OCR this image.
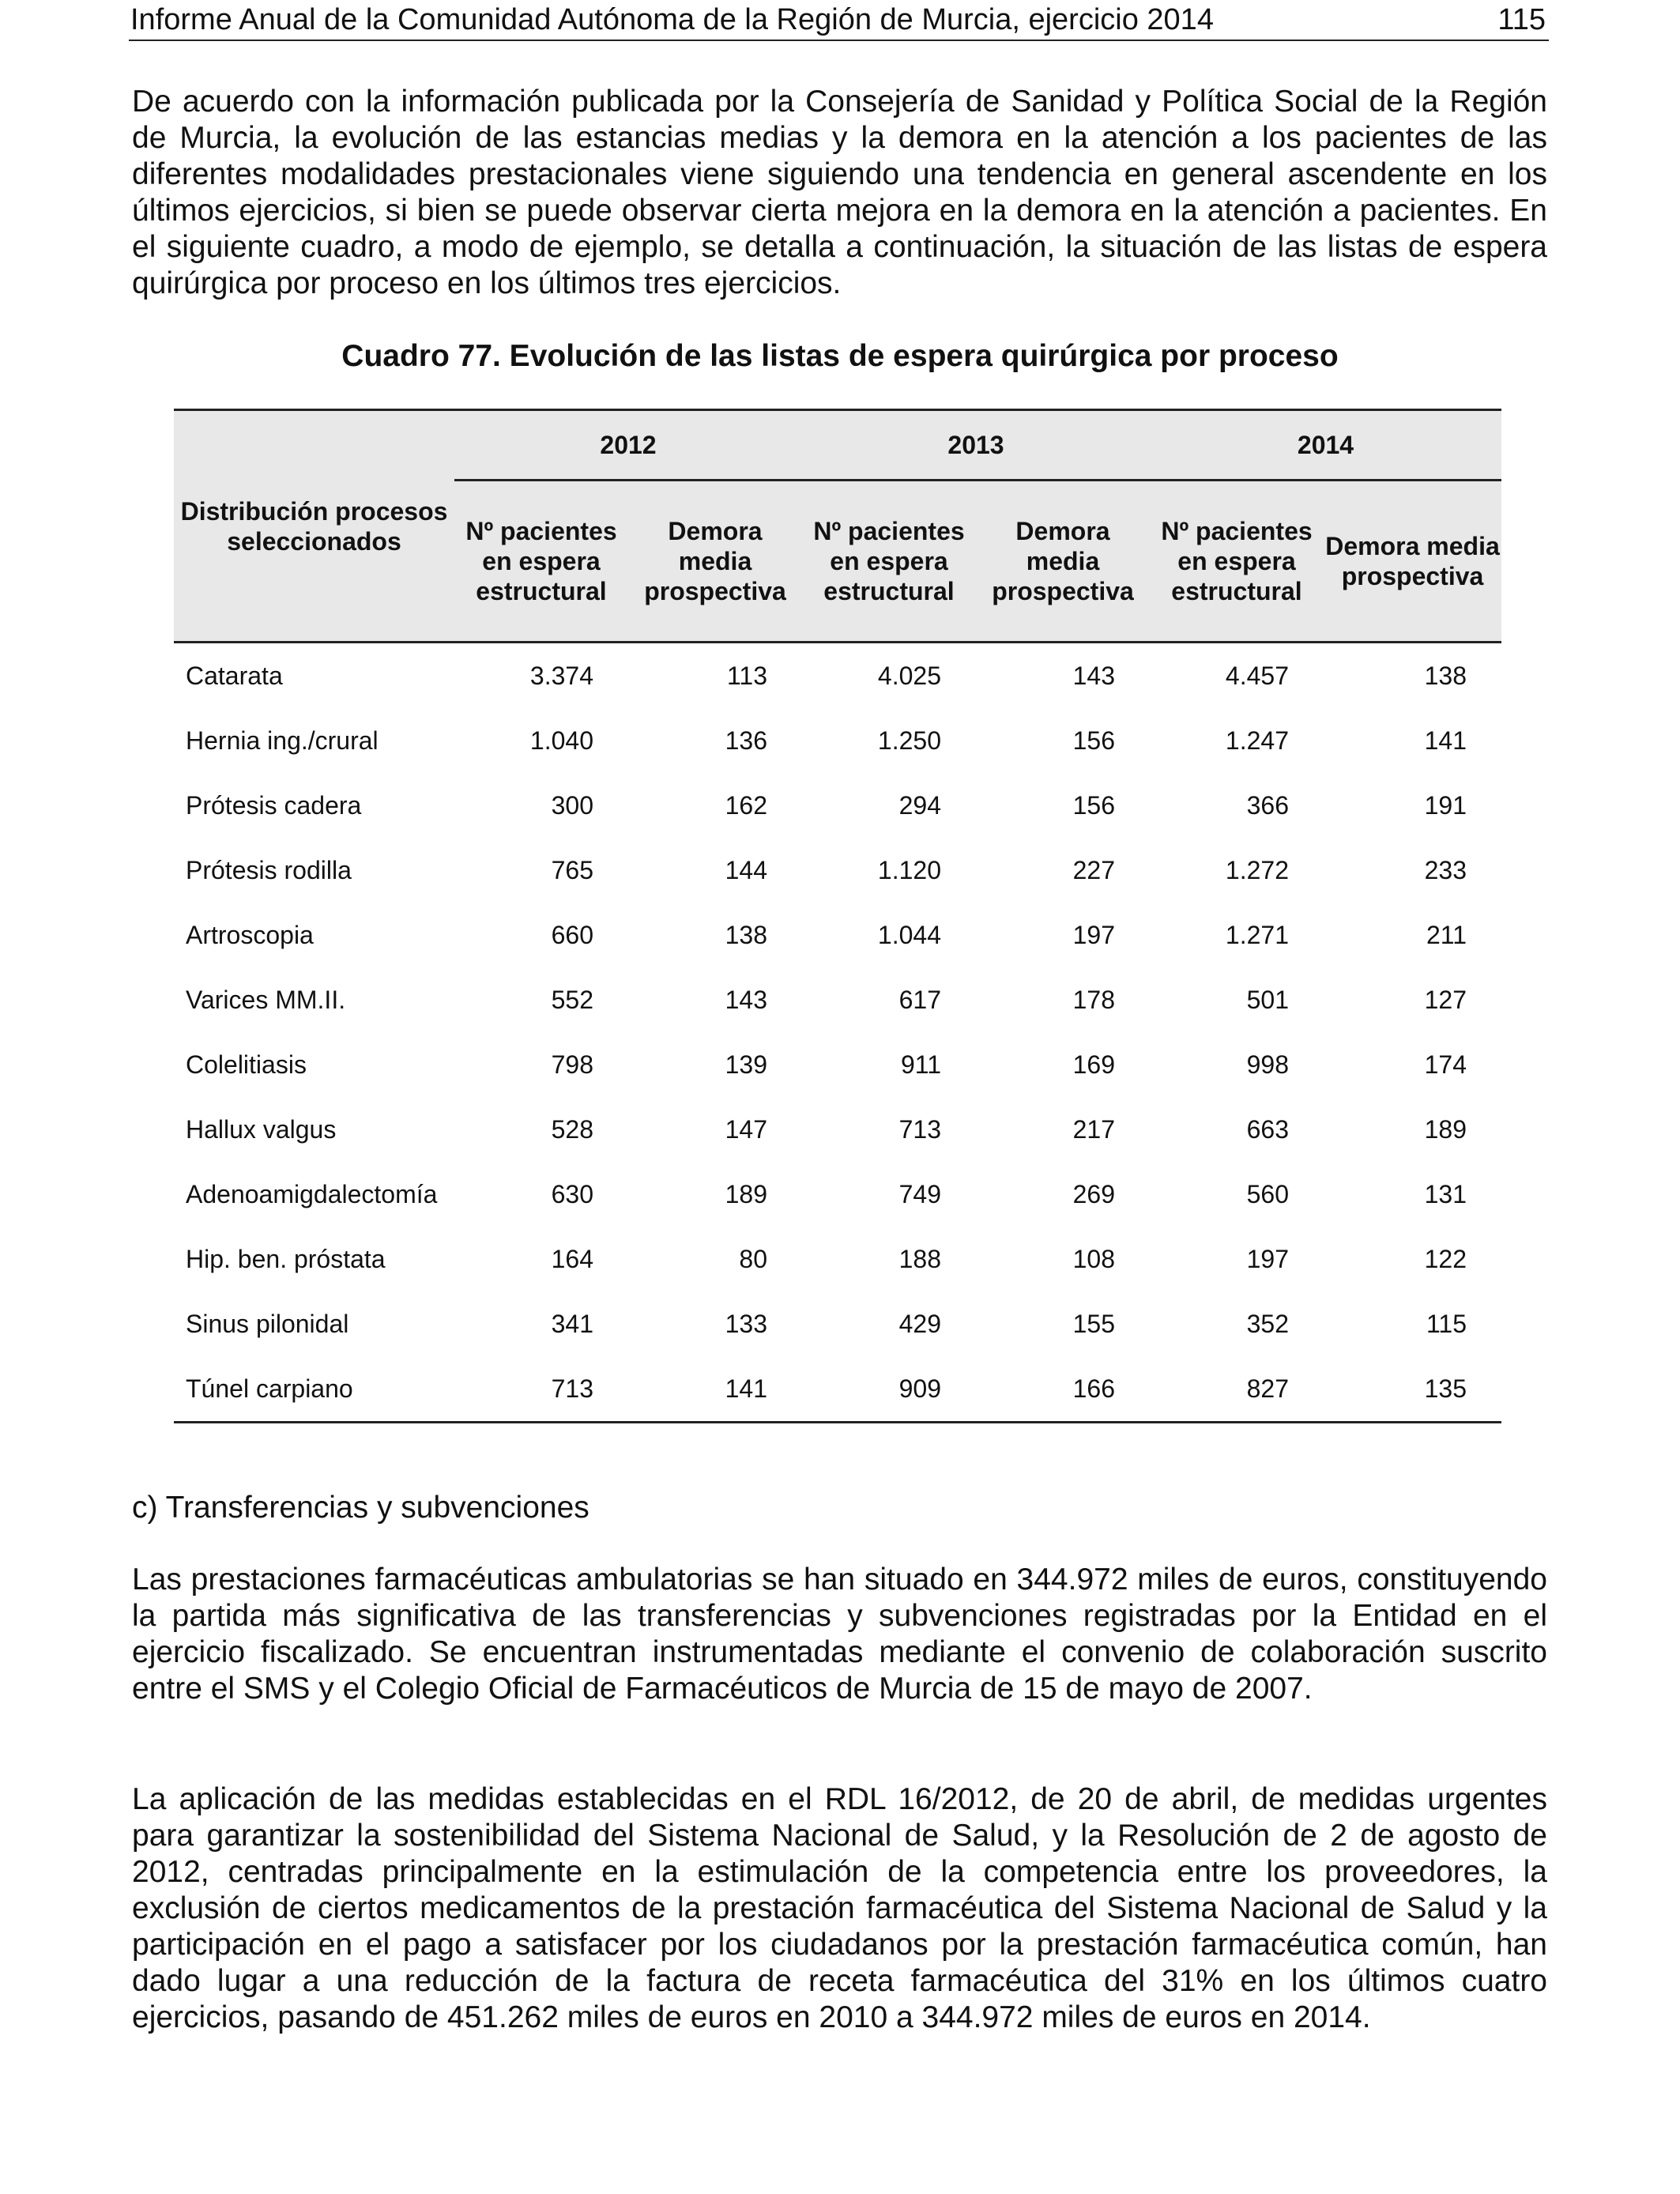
Informe Anual de la Comunidad Autónoma de la Región de Murcia, ejercicio 2014	115

De acuerdo con la información publicada por la Consejería de Sanidad y Política Social de la Región de Murcia, la evolución de las estancias medias y la demora en la atención a los pacientes de las diferentes modalidades prestacionales viene siguiendo una tendencia en general ascendente en los últimos ejercicios, si bien se puede observar cierta mejora en la demora en la atención a pacientes. En el siguiente cuadro, a modo de ejemplo, se detalla a continuación, la situación de las listas de espera quirúrgica por proceso en los últimos tres ejercicios.

Cuadro 77. Evolución de las listas de espera quirúrgica por proceso
Distribución procesos seleccionados	2012		2013		2014	
	Nº pacientes en espera estructural	Demora media prospectiva	Nº pacientes en espera estructural	Demora media prospectiva	Nº pacientes en espera estructural	Demora media prospectiva
Catarata	3.374	113	4.025	143	4.457	138
Hernia ing./crural	1.040	136	1.250	156	1.247	141
Prótesis cadera	300	162	294	156	366	191
Prótesis rodilla	765	144	1.120	227	1.272	233
Artroscopia	660	138	1.044	197	1.271	211
Varices MM.II.	552	143	617	178	501	127
Colelitiasis	798	139	911	169	998	174
Hallux valgus	528	147	713	217	663	189
Adenoamigdalectomía	630	189	749	269	560	131
Hip. ben. próstata	164	80	188	108	197	122
Sinus pilonidal	341	133	429	155	352	115
Túnel carpiano	713	141	909	166	827	135
c) Transferencias y subvenciones

Las prestaciones farmacéuticas ambulatorias se han situado en 344.972 miles de euros, constituyendo la partida más significativa de las transferencias y subvenciones registradas por la Entidad en el ejercicio fiscalizado. Se encuentran instrumentadas mediante el convenio de colaboración suscrito entre el SMS y el Colegio Oficial de Farmacéuticos de Murcia de 15 de mayo de 2007.

La aplicación de las medidas establecidas en el RDL 16/2012, de 20 de abril, de medidas urgentes para garantizar la sostenibilidad del Sistema Nacional de Salud, y la Resolución de 2 de agosto de 2012, centradas principalmente en la estimulación de la competencia entre los proveedores, la exclusión de ciertos medicamentos de la prestación farmacéutica del Sistema Nacional de Salud y la participación en el pago a satisfacer por los ciudadanos por la prestación farmacéutica común, han dado lugar a una reducción de la factura de receta farmacéutica del 31% en los últimos cuatro ejercicios, pasando de 451.262 miles de euros en 2010 a 344.972 miles de euros en 2014.
